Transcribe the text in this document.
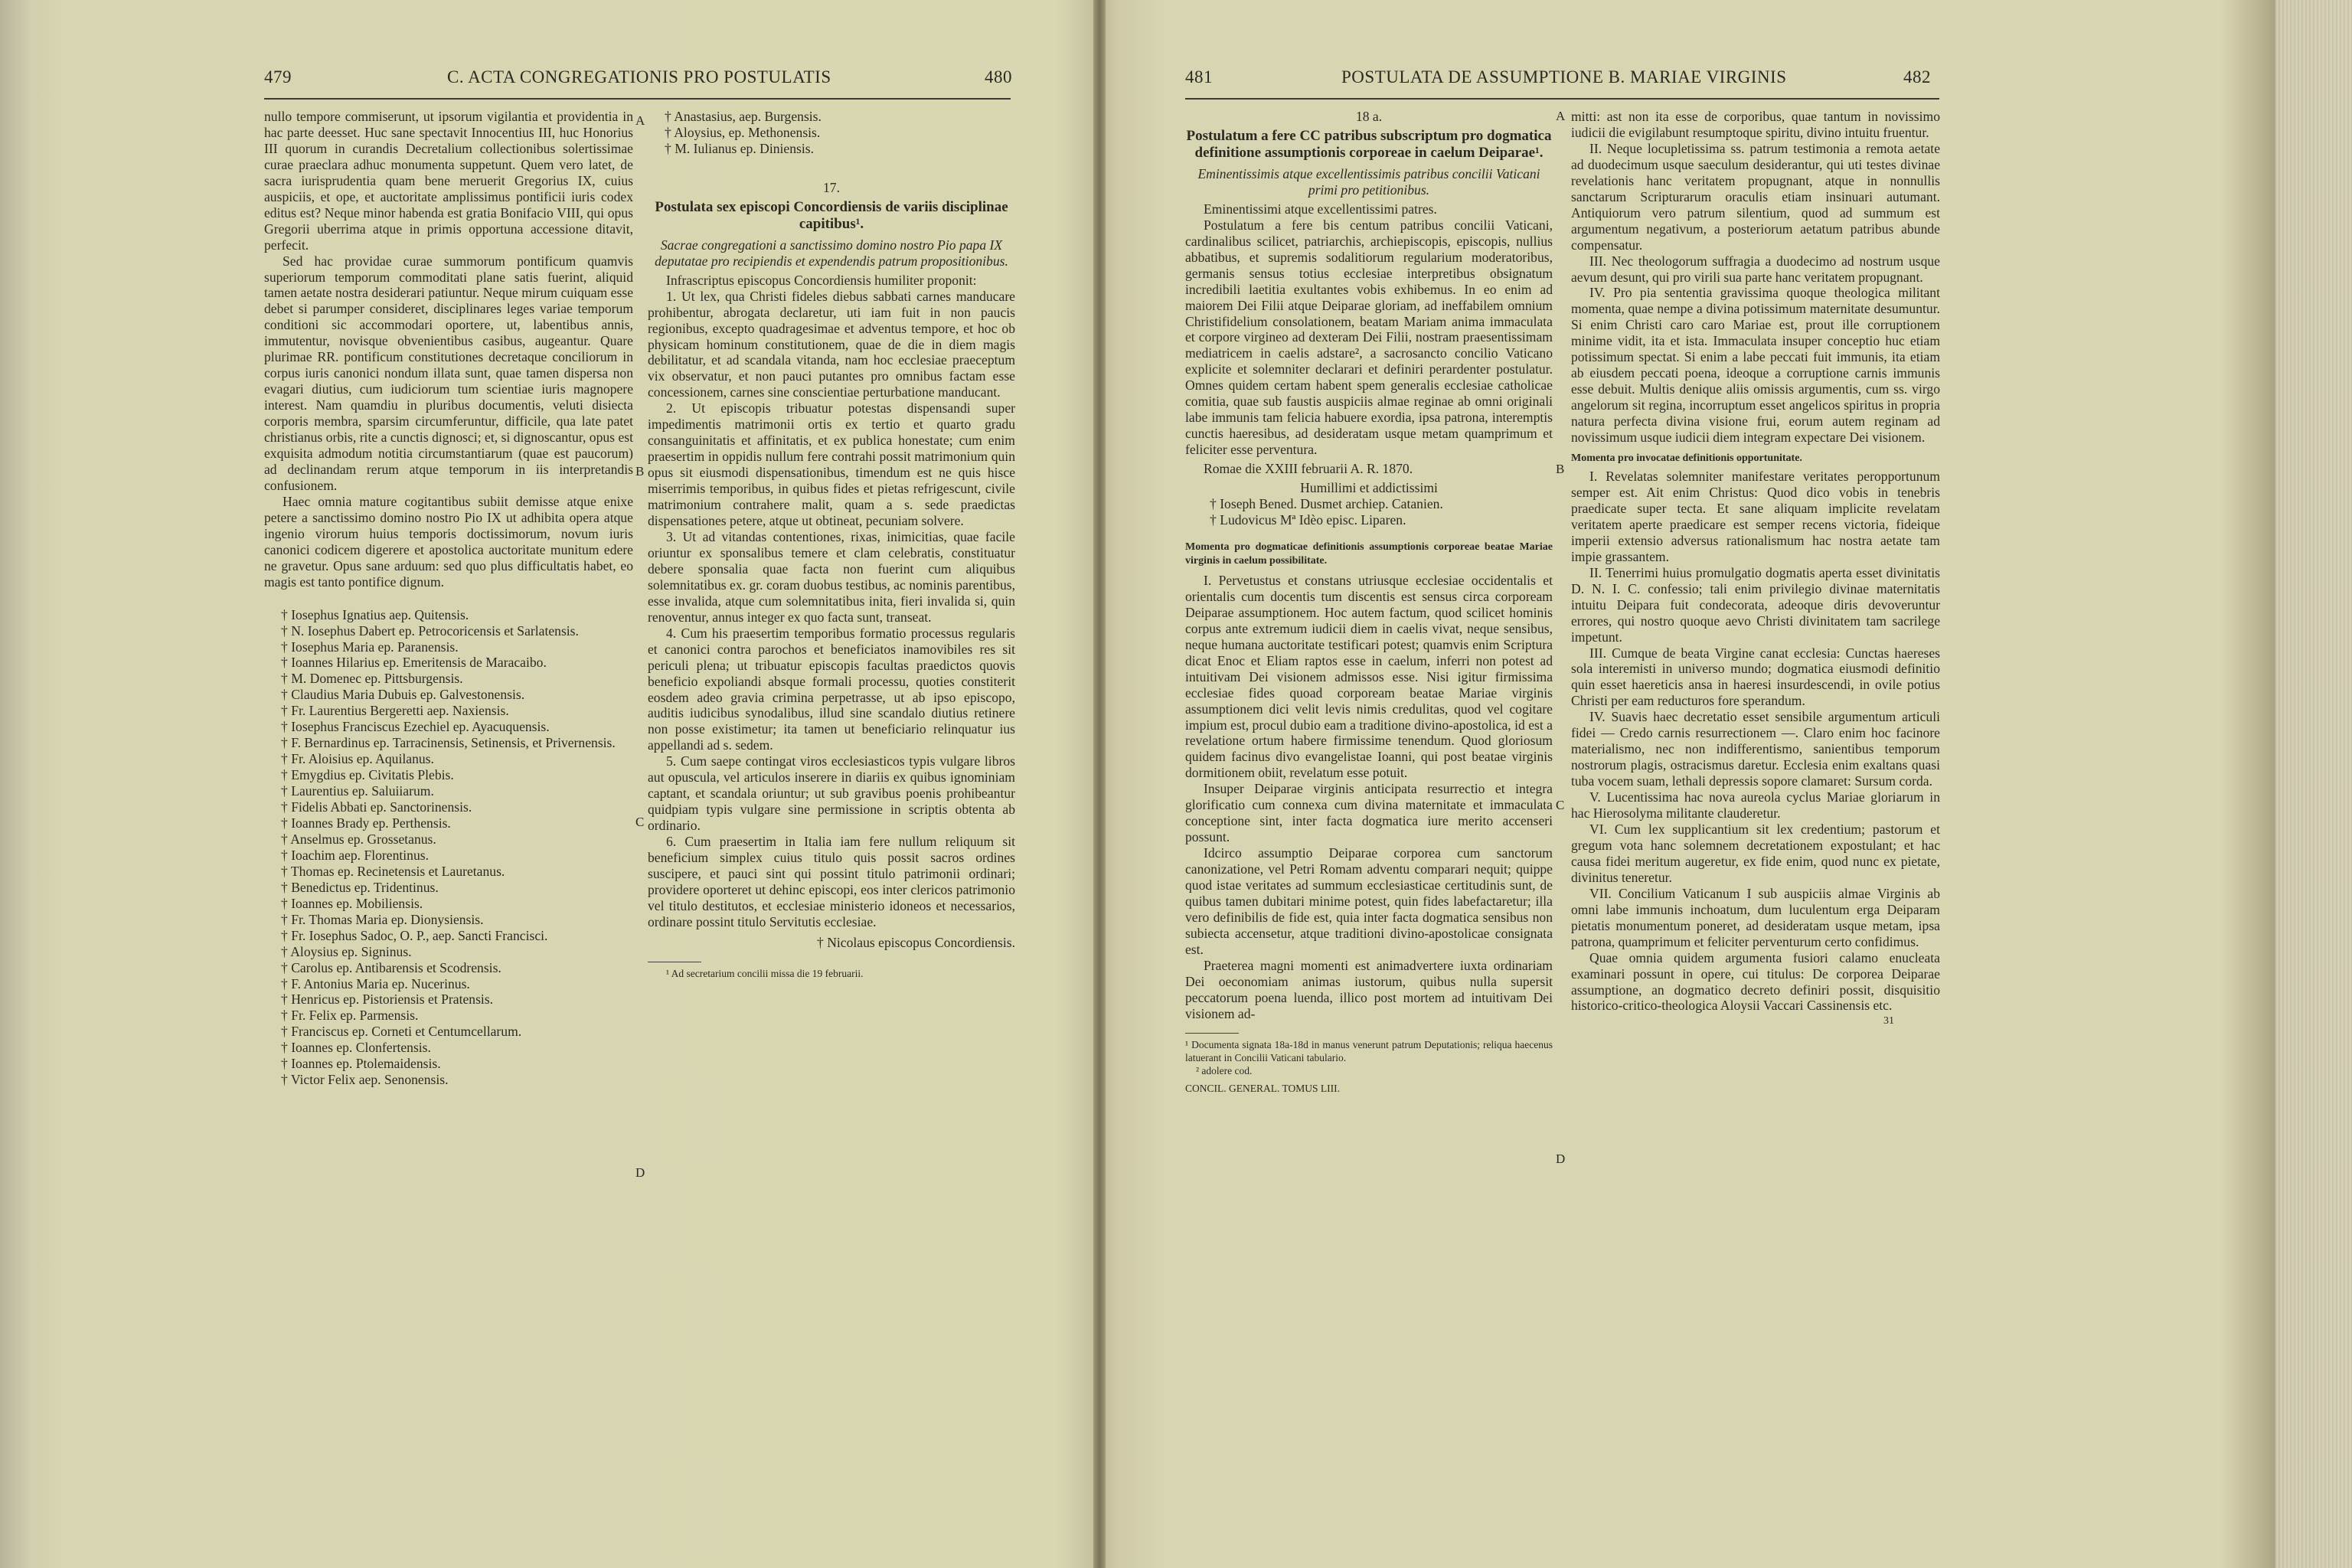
479	C. ACTA CONGREGATIONIS PRO POSTULATIS	480
A
B
C
D

nullo tempore commiserunt, ut ipsorum vigilantia et providentia in hac parte deesset. Huc sane spectavit Innocentius III, huc Honorius III quorum in curandis Decretalium collectionibus solertissimae curae praeclara adhuc monumenta suppetunt. Quem vero latet, de sacra iurisprudentia quam bene meruerit Gregorius IX, cuius auspiciis, et ope, et auctoritate amplissimus pontificii iuris codex editus est? Neque minor habenda est gratia Bonifacio VIII, qui opus Gregorii uberrima atque in primis opportuna accessione ditavit, perfecit.

Sed hac providae curae summorum pontificum quamvis superiorum temporum commoditati plane satis fuerint, aliquid tamen aetate nostra desiderari patiuntur. Neque mirum cuiquam esse debet si parumper consideret, disciplinares leges variae temporum conditioni sic accommodari oportere, ut, labentibus annis, immutentur, novisque obvenientibus casibus, augeantur. Quare plurimae RR. pontificum constitutiones decretaque conciliorum in corpus iuris canonici nondum illata sunt, quae tamen dispersa non evagari diutius, cum iudiciorum tum scientiae iuris magnopere interest. Nam quamdiu in pluribus documentis, veluti disiecta corporis membra, sparsim circumferuntur, difficile, qua late patet christianus orbis, rite a cunctis dignosci; et, si dignoscantur, opus est exquisita admodum notitia circumstantiarum (quae est paucorum) ad declinandam rerum atque temporum in iis interpretandis confusionem.

Haec omnia mature cogitantibus subiit demisse atque enixe petere a sanctissimo domino nostro Pio IX ut adhibita opera atque ingenio virorum huius temporis doctissimorum, novum iuris canonici codicem digerere et apostolica auctoritate munitum edere ne gravetur. Opus sane arduum: sed quo plus difficultatis habet, eo magis est tanto pontifice dignum.

† Iosephus Ignatius aep. Quitensis.

† N. Iosephus Dabert ep. Petrocoricensis et Sarlatensis.

† Iosephus Maria ep. Paranensis.

† Ioannes Hilarius ep. Emeritensis de Maracaibo.

† M. Domenec ep. Pittsburgensis.

† Claudius Maria Dubuis ep. Galvestonensis.

† Fr. Laurentius Bergeretti aep. Naxiensis.

† Iosephus Franciscus Ezechiel ep. Ayacuquensis.

† F. Bernardinus ep. Tarracinensis, Setinensis, et Privernensis.

† Fr. Aloisius ep. Aquilanus.

† Emygdius ep. Civitatis Plebis.

† Laurentius ep. Saluiiarum.

† Fidelis Abbati ep. Sanctorinensis.

† Ioannes Brady ep. Perthensis.

† Anselmus ep. Grossetanus.

† Ioachim aep. Florentinus.

† Thomas ep. Recinetensis et Lauretanus.

† Benedictus ep. Tridentinus.

† Ioannes ep. Mobiliensis.

† Fr. Thomas Maria ep. Dionysiensis.

† Fr. Iosephus Sadoc, O. P., aep. Sancti Francisci.

† Aloysius ep. Signinus.

† Carolus ep. Antibarensis et Scodrensis.

† F. Antonius Maria ep. Nucerinus.

† Henricus ep. Pistoriensis et Pratensis.

† Fr. Felix ep. Parmensis.

† Franciscus ep. Corneti et Centumcellarum.

† Ioannes ep. Clonfertensis.

† Ioannes ep. Ptolemaidensis.

† Victor Felix aep. Senonensis.

† Anastasius, aep. Burgensis.

† Aloysius, ep. Methonensis.

† M. Iulianus ep. Diniensis.

17.

Postulata sex episcopi Concordiensis de variis disciplinae capitibus¹.

Sacrae congregationi a sanctissimo domino nostro Pio papa IX deputatae pro recipiendis et expendendis patrum propositionibus.

Infrascriptus episcopus Concordiensis humiliter proponit:

1. Ut lex, qua Christi fideles diebus sabbati carnes manducare prohibentur, abrogata declaretur, uti iam fuit in non paucis regionibus, excepto quadragesimae et adventus tempore, et hoc ob physicam hominum constitutionem, quae de die in diem magis debilitatur, et ad scandala vitanda, nam hoc ecclesiae praeceptum vix observatur, et non pauci putantes pro omnibus factam esse concessionem, carnes sine conscientiae perturbatione manducant.

2. Ut episcopis tribuatur potestas dispensandi super impedimentis matrimonii ortis ex tertio et quarto gradu consanguinitatis et affinitatis, et ex publica honestate; cum enim praesertim in oppidis nullum fere contrahi possit matrimonium quin opus sit eiusmodi dispensationibus, timendum est ne quis hisce miserrimis temporibus, in quibus fides et pietas refrigescunt, civile matrimonium contrahere malit, quam a s. sede praedictas dispensationes petere, atque ut obtineat, pecuniam solvere.

3. Ut ad vitandas contentiones, rixas, inimicitias, quae facile oriuntur ex sponsalibus temere et clam celebratis, constituatur debere sponsalia quae facta non fuerint cum aliquibus solemnitatibus ex. gr. coram duobus testibus, ac nominis parentibus, esse invalida, atque cum solemnitatibus inita, fieri invalida si, quin renoventur, annus integer ex quo facta sunt, transeat.

4. Cum his praesertim temporibus formatio processus regularis et canonici contra parochos et beneficiatos inamovibiles res sit periculi plena; ut tribuatur episcopis facultas praedictos quovis beneficio expoliandi absque formali processu, quoties constiterit eosdem adeo gravia crimina perpetrasse, ut ab ipso episcopo, auditis iudicibus synodalibus, illud sine scandalo diutius retinere non posse existimetur; ita tamen ut beneficiario relinquatur ius appellandi ad s. sedem.

5. Cum saepe contingat viros ecclesiasticos typis vulgare libros aut opuscula, vel articulos inserere in diariis ex quibus ignominiam captant, et scandala oriuntur; ut sub gravibus poenis prohibeantur quidpiam typis vulgare sine permissione in scriptis obtenta ab ordinario.

6. Cum praesertim in Italia iam fere nullum reliquum sit beneficium simplex cuius titulo quis possit sacros ordines suscipere, et pauci sint qui possint titulo patrimonii ordinari; providere oporteret ut dehinc episcopi, eos inter clericos patrimonio vel titulo destitutos, et ecclesiae ministerio idoneos et necessarios, ordinare possint titulo Servitutis ecclesiae.

† Nicolaus episcopus Concordiensis.

¹ Ad secretarium concilii missa die 19 februarii.

481	POSTULATA DE ASSUMPTIONE B. MARIAE VIRGINIS	482
A
B
C
D

18 a.

Postulatum a fere CC patribus subscriptum pro dogmatica definitione assumptionis corporeae in caelum Deiparae¹.

Eminentissimis atque excellentissimis patribus concilii Vaticani primi pro petitionibus.

Eminentissimi atque excellentissimi patres.

Postulatum a fere bis centum patribus concilii Vaticani, cardinalibus scilicet, patriarchis, archiepiscopis, episcopis, nullius abbatibus, et supremis sodalitiorum regularium moderatoribus, germanis sensus totius ecclesiae interpretibus obsignatum incredibili laetitia exultantes vobis exhibemus. In eo enim ad maiorem Dei Filii atque Deiparae gloriam, ad ineffabilem omnium Christifidelium consolationem, beatam Mariam anima immaculata et corpore virgineo ad dexteram Dei Filii, nostram praesentissimam mediatricem in caelis adstare², a sacrosancto concilio Vaticano explicite et solemniter declarari et definiri perardenter postulatur. Omnes quidem certam habent spem generalis ecclesiae catholicae comitia, quae sub faustis auspiciis almae reginae ab omni originali labe immunis tam felicia habuere exordia, ipsa patrona, interemptis cunctis haeresibus, ad desideratam usque metam quamprimum et feliciter esse perventura.

Romae die XXIII februarii A. R. 1870.

Humillimi et addictissimi

† Ioseph Bened. Dusmet archiep. Catanien.

† Ludovicus Mª Idèo episc. Liparen.

Momenta pro dogmaticae definitionis assumptionis corporeae beatae Mariae virginis in caelum possibilitate.

I. Pervetustus et constans utriusque ecclesiae occidentalis et orientalis cum docentis tum discentis est sensus circa corpoream Deiparae assumptionem. Hoc autem factum, quod scilicet hominis corpus ante extremum iudicii diem in caelis vivat, neque sensibus, neque humana auctoritate testificari potest; quamvis enim Scriptura dicat Enoc et Eliam raptos esse in caelum, inferri non potest ad intuitivam Dei visionem admissos esse. Nisi igitur firmissima ecclesiae fides quoad corpoream beatae Mariae virginis assumptionem dici velit levis nimis credulitas, quod vel cogitare impium est, procul dubio eam a traditione divino-apostolica, id est a revelatione ortum habere firmissime tenendum. Quod gloriosum quidem facinus divo evangelistae Ioanni, qui post beatae virginis dormitionem obiit, revelatum esse potuit.

Insuper Deiparae virginis anticipata resurrectio et integra glorificatio cum connexa cum divina maternitate et immaculata conceptione sint, inter facta dogmatica iure merito accenseri possunt.

Idcirco assumptio Deiparae corporea cum sanctorum canonizatione, vel Petri Romam adventu comparari nequit; quippe quod istae veritates ad summum ecclesiasticae certitudinis sunt, de quibus tamen dubitari minime potest, quin fides labefactaretur; illa vero definibilis de fide est, quia inter facta dogmatica sensibus non subiecta accensetur, atque traditioni divino-apostolicae consignata est.

Praeterea magni momenti est animadvertere iuxta ordinariam Dei oeconomiam animas iustorum, quibus nulla supersit peccatorum poena luenda, illico post mortem ad intuitivam Dei visionem ad-

¹ Documenta signata 18a-18d in manus venerunt patrum Deputationis; reliqua haecenus latuerant in Concilii Vaticani tabulario.

² adolere cod.

CONCIL. GENERAL. TOMUS LIII.

mitti: ast non ita esse de corporibus, quae tantum in novissimo iudicii die evigilabunt resumptoque spiritu, divino intuitu fruentur.

II. Neque locupletissima ss. patrum testimonia a remota aetate ad duodecimum usque saeculum desiderantur, qui uti testes divinae revelationis hanc veritatem propugnant, atque in nonnullis sanctarum Scripturarum oraculis etiam insinuari autumant. Antiquiorum vero patrum silentium, quod ad summum est argumentum negativum, a posteriorum aetatum patribus abunde compensatur.

III. Nec theologorum suffragia a duodecimo ad nostrum usque aevum desunt, qui pro virili sua parte hanc veritatem propugnant.

IV. Pro pia sententia gravissima quoque theologica militant momenta, quae nempe a divina potissimum maternitate desumuntur. Si enim Christi caro caro Mariae est, prout ille corruptionem minime vidit, ita et ista. Immaculata insuper conceptio huc etiam potissimum spectat. Si enim a labe peccati fuit immunis, ita etiam ab eiusdem peccati poena, ideoque a corruptione carnis immunis esse debuit. Multis denique aliis omissis argumentis, cum ss. virgo angelorum sit regina, incorruptum esset angelicos spiritus in propria natura perfecta divina visione frui, eorum autem reginam ad novissimum usque iudicii diem integram expectare Dei visionem.

Momenta pro invocatae definitionis opportunitate.

I. Revelatas solemniter manifestare veritates peropportunum semper est. Ait enim Christus: Quod dico vobis in tenebris praedicate super tecta. Et sane aliquam implicite revelatam veritatem aperte praedicare est semper recens victoria, fideique imperii extensio adversus rationalismum hac nostra aetate tam impie grassantem.

II. Tenerrimi huius promulgatio dogmatis aperta esset divinitatis D. N. I. C. confessio; tali enim privilegio divinae maternitatis intuitu Deipara fuit condecorata, adeoque diris devoveruntur errores, qui nostro quoque aevo Christi divinitatem tam sacrilege impetunt.

III. Cumque de beata Virgine canat ecclesia: Cunctas haereses sola interemisti in universo mundo; dogmatica eiusmodi definitio quin esset haereticis ansa in haeresi insurdescendi, in ovile potius Christi per eam reducturos fore sperandum.

IV. Suavis haec decretatio esset sensibile argumentum articuli fidei — Credo carnis resurrectionem —. Claro enim hoc facinore materialismo, nec non indifferentismo, sanientibus temporum nostrorum plagis, ostracismus daretur. Ecclesia enim exaltans quasi tuba vocem suam, lethali depressis sopore clamaret: Sursum corda.

V. Lucentissima hac nova aureola cyclus Mariae gloriarum in hac Hierosolyma militante clauderetur.

VI. Cum lex supplicantium sit lex credentium; pastorum et gregum vota hanc solemnem decretationem expostulant; et hac causa fidei meritum augeretur, ex fide enim, quod nunc ex pietate, divinitus teneretur.

VII. Concilium Vaticanum I sub auspiciis almae Virginis ab omni labe immunis inchoatum, dum luculentum erga Deiparam pietatis monumentum poneret, ad desideratam usque metam, ipsa patrona, quamprimum et feliciter perventurum certo confidimus.

Quae omnia quidem argumenta fusiori calamo enucleata examinari possunt in opere, cui titulus: De corporea Deiparae assumptione, an dogmatico decreto definiri possit, disquisitio historico-critico-theologica Aloysii Vaccari Cassinensis etc.

31
